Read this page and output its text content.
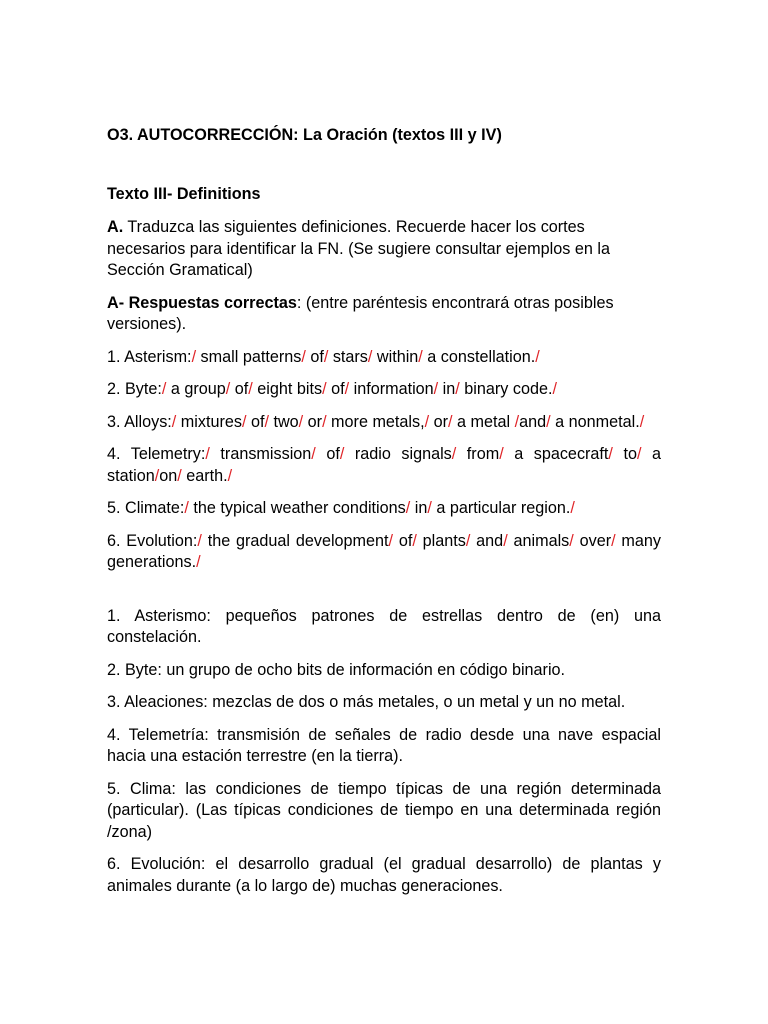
O3. AUTOCORRECCIÓN: La Oración (textos III y IV)
Texto III- Definitions

A. Traduzca las siguientes definiciones. Recuerde hacer los cortes necesarios para identificar la FN. (Se sugiere consultar ejemplos en la Sección Gramatical)

A- Respuestas correctas: (entre paréntesis encontrará otras posibles versiones).

1. Asterism:/ small patterns/ of/ stars/ within/ a constellation./

2. Byte:/ a group/ of/ eight bits/ of/ information/ in/ binary code./

3. Alloys:/ mixtures/ of/ two/ or/ more metals,/ or/ a metal /and/ a nonmetal./

4. Telemetry:/ transmission/ of/ radio signals/ from/ a spacecraft/ to/ a station/on/ earth./

5. Climate:/ the typical weather conditions/ in/ a particular region./

6. Evolution:/ the gradual development/ of/ plants/ and/ animals/ over/ many generations./

1. Asterismo: pequeños patrones de estrellas dentro de (en) una constelación.

2. Byte: un grupo de ocho bits de información en código binario.

3. Aleaciones: mezclas de dos o más metales, o un metal y un no metal.

4. Telemetría: transmisión de señales de radio desde una nave espacial hacia una estación terrestre (en la tierra).

5. Clima: las condiciones de tiempo típicas de una región determinada (particular). (Las típicas condiciones de tiempo en una determinada región /zona)

6. Evolución: el desarrollo gradual (el gradual desarrollo) de plantas y animales durante (a lo largo de) muchas generaciones.
